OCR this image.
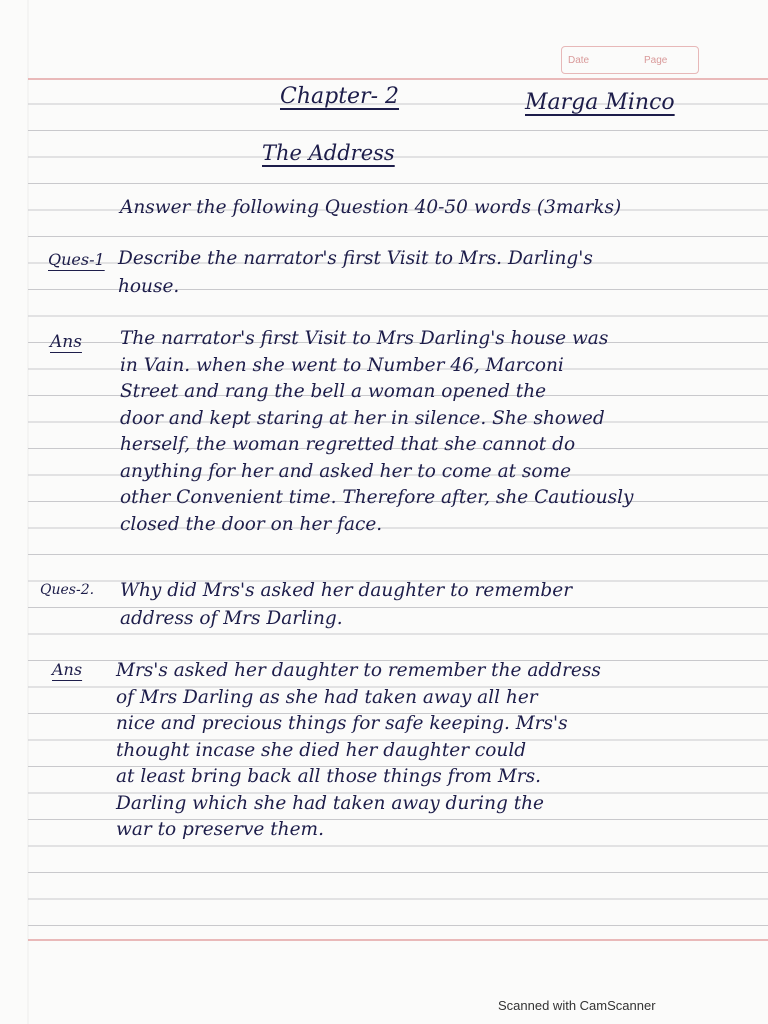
Date	Page
Chapter- 2	Marga Minco
The Address
Answer the following Question 40-50 words (3marks)
Ques-1 Describe the narrator's first Visit to Mrs. Darling's
house.
Ans The narrator's first Visit to Mrs Darling's house was
in Vain. when she went to Number 46, Marconi
Street and rang the bell a woman opened the
door and kept staring at her in silence. She showed
herself, the woman regretted that she cannot do
anything for her and asked her to come at some
other Convenient time. Therefore after, she Cautiously
closed the door on her face.
Ques-2. Why did Mrs's asked her daughter to remember
address of Mrs Darling.
Ans Mrs's asked her daughter to remember the address
of Mrs Darling as she had taken away all her
nice and precious things for safe keeping. Mrs's
thought incase she died her daughter could
at least bring back all those things from Mrs.
Darling which she had taken away during the
war to preserve them.
Scanned with CamScanner
